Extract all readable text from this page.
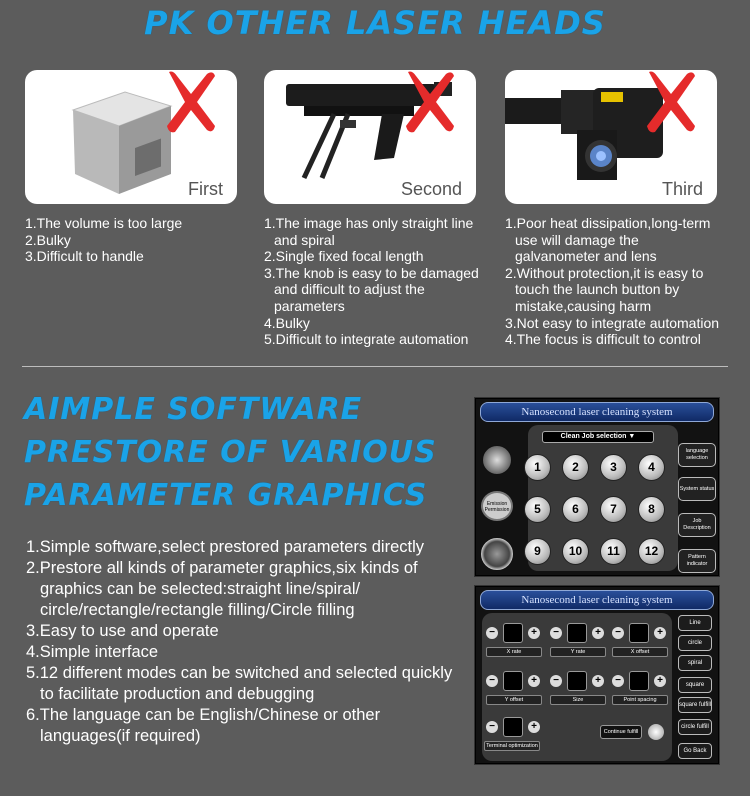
PK OTHER LASER HEADS
First	Second	Third
1.The volume is too large
2.Bulky
3.Difficult to handle
1.The image has only straight line and spiral
2.Single fixed focal length
3.The knob is easy to be damaged and difficult to adjust the parameters
4.Bulky
5.Difficult to integrate automation
1.Poor heat dissipation,long-term use will damage the galvanometer and lens
2.Without protection,it is easy to touch the launch button by mistake,causing harm
3.Not easy to integrate automation
4.The focus is difficult to control
AIMPLE SOFTWARE
PRESTORE OF VARIOUS
PARAMETER GRAPHICS
1.Simple software,select prestored parameters directly
2.Prestore all kinds of parameter graphics,six kinds of graphics can be selected:straight line/spiral/ circle/rectangle/rectangle filling/Circle filling
3.Easy to use and operate
4.Simple interface
5.12 different modes can be switched and selected quickly to facilitate production and debugging
6.The language can be English/Chinese or other languages(if required)
Nanosecond laser cleaning system
Clean Job selection ▼
Emission Permission
1	2	3	4
5	6	7	8
9	10	11	12
language selection
System status
Job Description
Pattern indicator
Nanosecond laser cleaning system
−	+	−	+	−	+
X rate	Y rate	X offset
−	+	−	+	−	+
Y offset	Size	Point spacing
−	+
Terminal optimization
Continue fulfill
Line
circle
spiral
square
square fulfill
circle fulfill
Go Back
